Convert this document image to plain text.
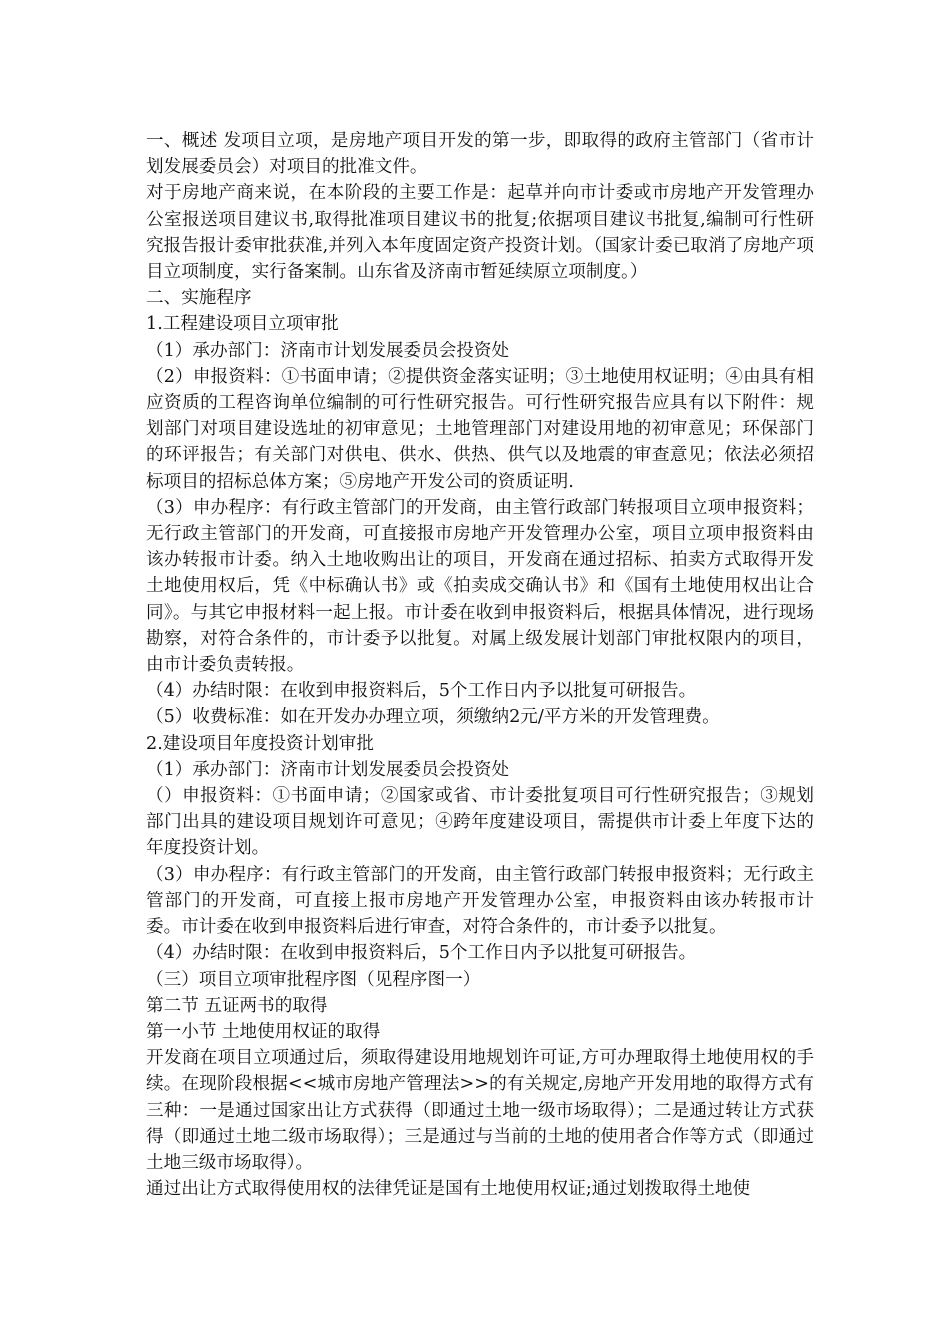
一、概述 发项目立项，是房地产项目开发的第一步，即取得的政府主管部门（省市计划发展委员会）对项目的批准文件。

对于房地产商来说，在本阶段的主要工作是：起草并向市计委或市房地产开发管理办公室报送项目建议书,取得批准项目建议书的批复;依据项目建议书批复,编制可行性研究报告报计委审批获准,并列入本年度固定资产投资计划。（国家计委已取消了房地产项目立项制度，实行备案制。山东省及济南市暂延续原立项制度。）

二、实施程序

1.工程建设项目立项审批

（1）承办部门：济南市计划发展委员会投资处

（2）申报资料：①书面申请；②提供资金落实证明；③土地使用权证明；④由具有相应资质的工程咨询单位编制的可行性研究报告。可行性研究报告应具有以下附件：规划部门对项目建设选址的初审意见；土地管理部门对建设用地的初审意见；环保部门的环评报告；有关部门对供电、供水、供热、供气以及地震的审查意见；依法必须招标项目的招标总体方案；⑤房地产开发公司的资质证明.

（3）申办程序：有行政主管部门的开发商，由主管行政部门转报项目立项申报资料；无行政主管部门的开发商，可直接报市房地产开发管理办公室，项目立项申报资料由该办转报市计委。纳入土地收购出让的项目，开发商在通过招标、拍卖方式取得开发土地使用权后，凭《中标确认书》或《拍卖成交确认书》和《国有土地使用权出让合同》。与其它申报材料一起上报。市计委在收到申报资料后，根据具体情况，进行现场勘察，对符合条件的，市计委予以批复。对属上级发展计划部门审批权限内的项目，由市计委负责转报。

（4）办结时限：在收到申报资料后，5个工作日内予以批复可研报告。

（5）收费标准：如在开发办办理立项，须缴纳2元/平方米的开发管理费。

2.建设项目年度投资计划审批

（1）承办部门：济南市计划发展委员会投资处

（）申报资料：①书面申请；②国家或省、市计委批复项目可行性研究报告；③规划部门出具的建设项目规划许可意见；④跨年度建设项目，需提供市计委上年度下达的年度投资计划。

（3）申办程序：有行政主管部门的开发商，由主管行政部门转报申报资料；无行政主管部门的开发商，可直接上报市房地产开发管理办公室，申报资料由该办转报市计委。市计委在收到申报资料后进行审查，对符合条件的，市计委予以批复。

（4）办结时限：在收到申报资料后，5个工作日内予以批复可研报告。

（三）项目立项审批程序图（见程序图一）

第二节 五证两书的取得

第一小节 土地使用权证的取得

开发商在项目立项通过后，须取得建设用地规划许可证,方可办理取得土地使用权的手续。在现阶段根据<<城市房地产管理法>>的有关规定,房地产开发用地的取得方式有三种：一是通过国家出让方式获得（即通过土地一级市场取得）；二是通过转让方式获得（即通过土地二级市场取得）；三是通过与当前的土地的使用者合作等方式（即通过土地三级市场取得）。

通过出让方式取得使用权的法律凭证是国有土地使用权证;通过划拨取得土地使
